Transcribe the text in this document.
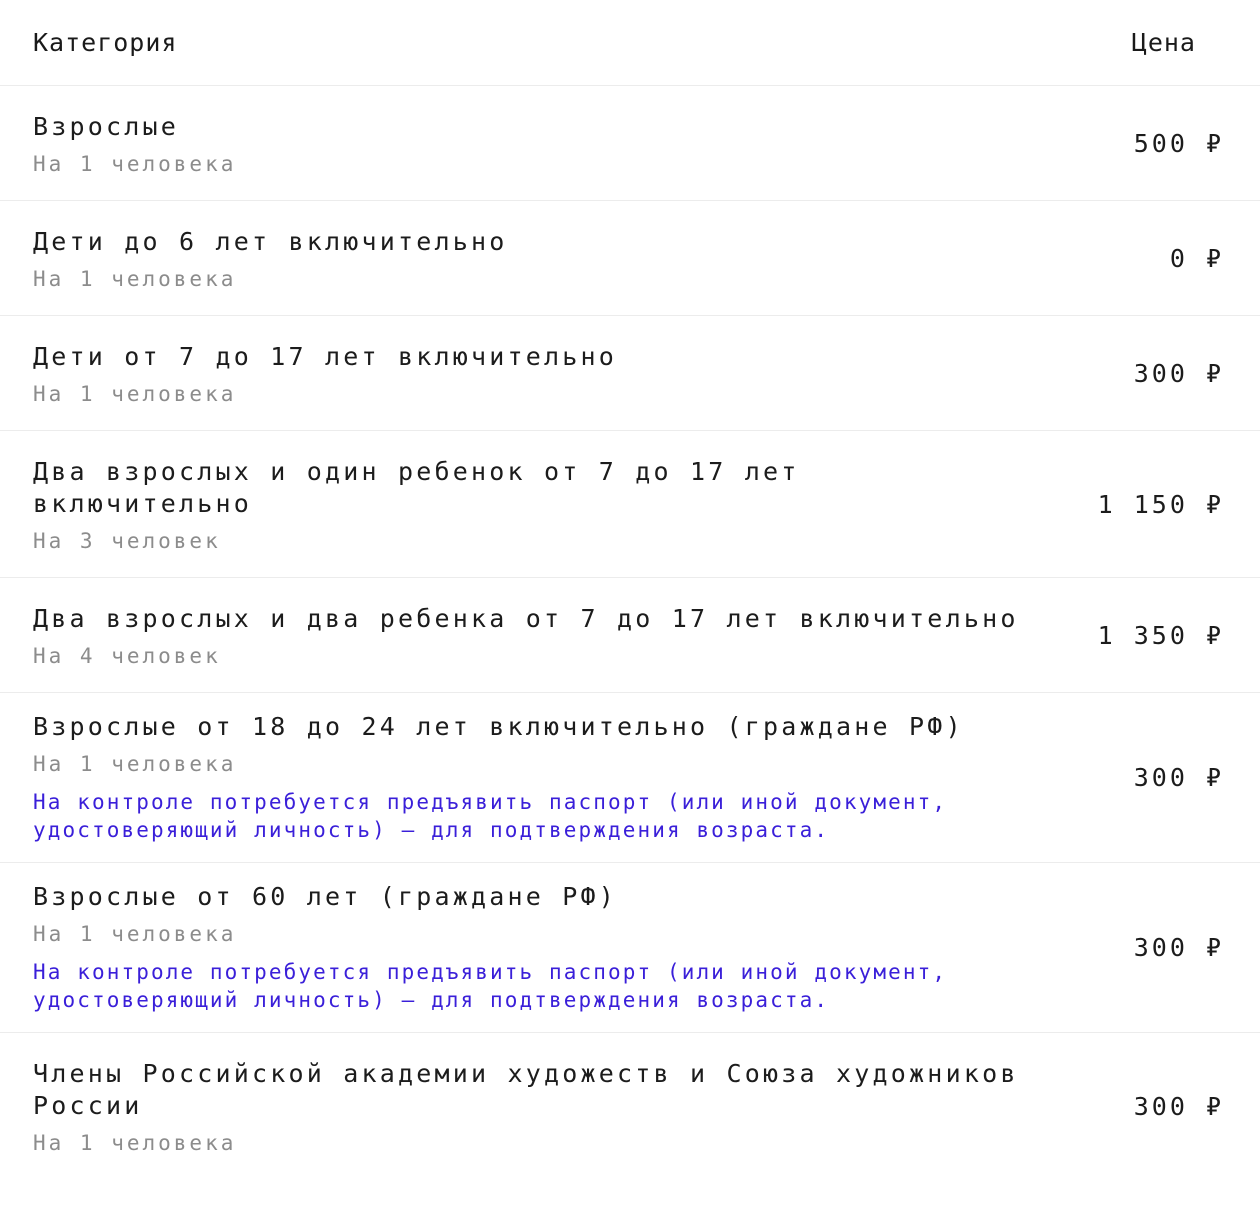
Категория	Цена
Взрослые
На 1 человека
500 ₽
Дети до 6 лет включительно
На 1 человека
0 ₽
Дети от 7 до 17 лет включительно
На 1 человека
300 ₽
Два взрослых и один ребенок от 7 до 17 лет включительно
На 3 человек
1 150 ₽
Два взрослых и два ребенка от 7 до 17 лет включительно
На 4 человек
1 350 ₽
Взрослые от 18 до 24 лет включительно (граждане РФ)
На 1 человека
На контроле потребуется предъявить паспорт (или иной документ, удостоверяющий личность) — для подтверждения возраста.
300 ₽
Взрослые от 60 лет (граждане РФ)
На 1 человека
На контроле потребуется предъявить паспорт (или иной документ, удостоверяющий личность) — для подтверждения возраста.
300 ₽
Члены Российской академии художеств и Союза художников России
На 1 человека
300 ₽
